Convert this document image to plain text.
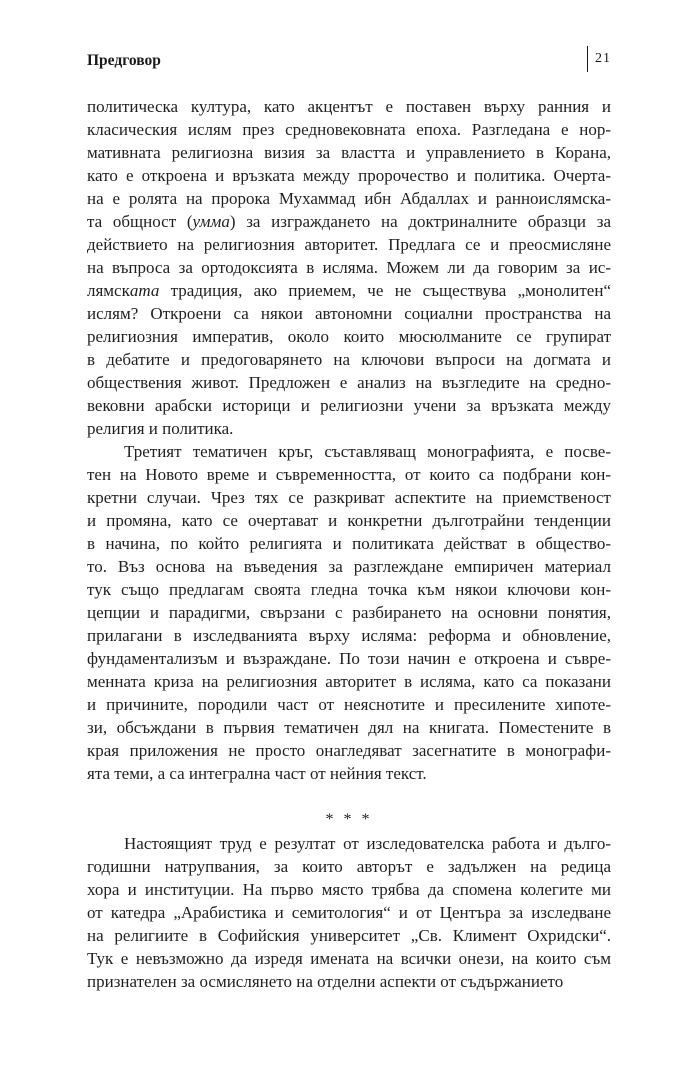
Предговор	21
политическа култура, като акцентът е поставен върху ранния и
класическия ислям през средновековната епоха. Разгледана е нор-
мативната религиозна визия за властта и управлението в Корана,
като е откроена и връзката между пророчество и политика. Очерта-
на е ролята на пророка Мухаммад ибн Абдаллах и ранноислямска-
та общност (умма) за изграждането на доктриналните образци за
действието на религиозния авторитет. Предлага се и преосмисляне
на въпроса за ортодоксията в исляма. Можем ли да говорим за ис-
лямската традиция, ако приемем, че не съществува „монолитен“
ислям? Откроени са някои автономни социални пространства на
религиозния императив, около които мюсюлманите се групират
в дебатите и предоговарянето на ключови въпроси на догмата и
обществения живот. Предложен е анализ на възгледите на средно-
вековни арабски историци и религиозни учени за връзката между
религия и политика.
Третият тематичен кръг, съставляващ монографията, е посве-
тен на Новото време и съвременността, от които са подбрани кон-
кретни случаи. Чрез тях се разкриват аспектите на приемственост
и промяна, като се очертават и конкретни дълготрайни тенденции
в начина, по който религията и политиката действат в общество-
то. Въз основа на въведения за разглеждане емпиричен материал
тук също предлагам своята гледна точка към някои ключови кон-
цепции и парадигми, свързани с разбирането на основни понятия,
прилагани в изследванията върху исляма: реформа и обновление,
фундаментализъм и възраждане. По този начин е откроена и съвре-
менната криза на религиозния авторитет в исляма, като са показани
и причините, породили част от неяснотите и пресилените хипоте-
зи, обсъждани в първия тематичен дял на книгата. Поместените в
края приложения не просто онагледяват засегнатите в монографи-
ята теми, а са интегрална част от нейния текст.
* * *
Настоящият труд е резултат от изследователска работа и дълго-
годишни натрупвания, за които авторът е задължен на редица
хора и институции. На първо място трябва да спомена колегите ми
от катедра „Арабистика и семитология“ и от Центъра за изследване
на религиите в Софийския университет „Св. Климент Охридски“.
Тук е невъзможно да изредя имената на всички онези, на които съм
признателен за осмислянето на отделни аспекти от съдържанието
